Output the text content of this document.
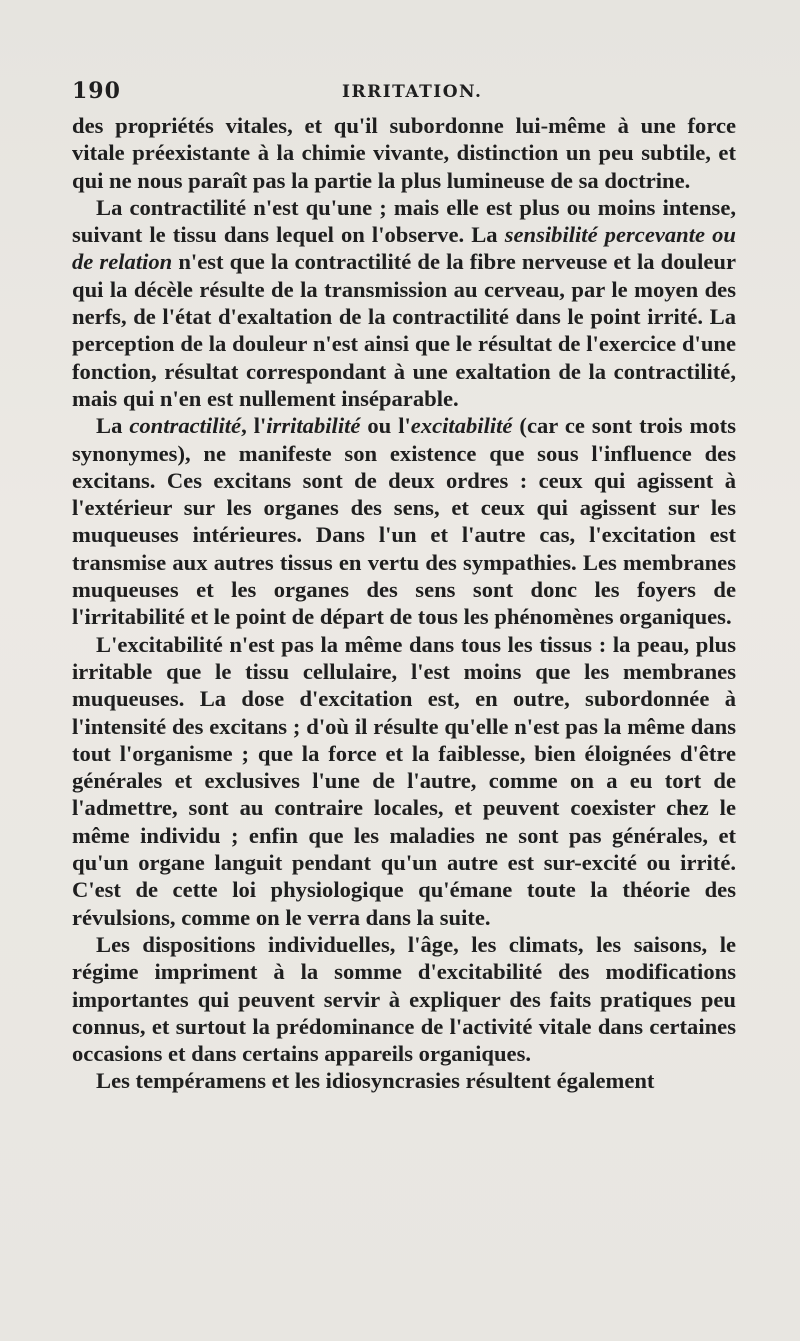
190	IRRITATION.

des propriétés vitales, et qu'il subordonne lui-même à une force vitale préexistante à la chimie vivante, distinction un peu subtile, et qui ne nous paraît pas la partie la plus lumineuse de sa doctrine.

La contractilité n'est qu'une ; mais elle est plus ou moins intense, suivant le tissu dans lequel on l'observe. La sensibilité percevante ou de relation n'est que la contractilité de la fibre nerveuse et la douleur qui la décèle résulte de la transmission au cerveau, par le moyen des nerfs, de l'état d'exaltation de la contractilité dans le point irrité. La perception de la douleur n'est ainsi que le résultat de l'exercice d'une fonction, résultat correspondant à une exaltation de la contractilité, mais qui n'en est nullement inséparable.

La contractilité, l'irritabilité ou l'excitabilité (car ce sont trois mots synonymes), ne manifeste son existence que sous l'influence des excitans. Ces excitans sont de deux ordres : ceux qui agissent à l'extérieur sur les organes des sens, et ceux qui agissent sur les muqueuses intérieures. Dans l'un et l'autre cas, l'excitation est transmise aux autres tissus en vertu des sympathies. Les membranes muqueuses et les organes des sens sont donc les foyers de l'irritabilité et le point de départ de tous les phénomènes organiques.

L'excitabilité n'est pas la même dans tous les tissus : la peau, plus irritable que le tissu cellulaire, l'est moins que les membranes muqueuses. La dose d'excitation est, en outre, subordonnée à l'intensité des excitans ; d'où il résulte qu'elle n'est pas la même dans tout l'organisme ; que la force et la faiblesse, bien éloignées d'être générales et exclusives l'une de l'autre, comme on a eu tort de l'admettre, sont au contraire locales, et peuvent coexister chez le même individu ; enfin que les maladies ne sont pas générales, et qu'un organe languit pendant qu'un autre est sur-excité ou irrité. C'est de cette loi physiologique qu'émane toute la théorie des révulsions, comme on le verra dans la suite.

Les dispositions individuelles, l'âge, les climats, les saisons, le régime impriment à la somme d'excitabilité des modifications importantes qui peuvent servir à expliquer des faits pratiques peu connus, et surtout la prédominance de l'activité vitale dans certaines occasions et dans certains appareils organiques.

Les tempéramens et les idiosyncrasies résultent également
